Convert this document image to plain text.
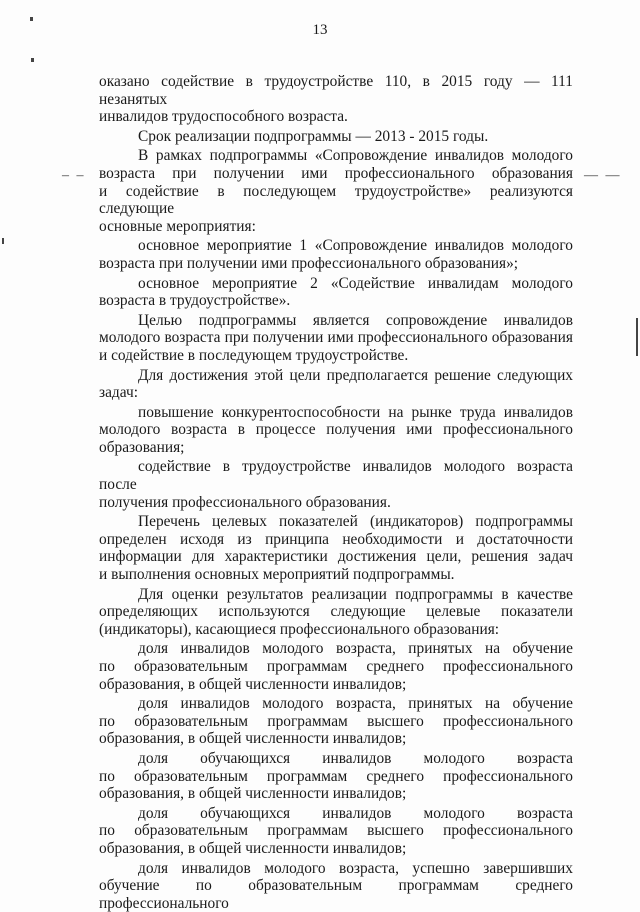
13
– –	— —
оказано содействие в трудоустройстве 110, в 2015 году — 111 незанятых
инвалидов трудоспособного возраста.
Срок реализации подпрограммы — 2013 - 2015 годы.
В рамках подпрограммы «Сопровождение инвалидов молодого
возраста при получении ими профессионального образования
и содействие в последующем трудоустройстве» реализуются следующие
основные мероприятия:
основное мероприятие 1 «Сопровождение инвалидов молодого
возраста при получении ими профессионального образования»;
основное мероприятие 2 «Содействие инвалидам молодого
возраста в трудоустройстве».
Целью подпрограммы является сопровождение инвалидов
молодого возраста при получении ими профессионального образования
и содействие в последующем трудоустройстве.
Для достижения этой цели предполагается решение следующих
задач:
повышение конкурентоспособности на рынке труда инвалидов
молодого возраста в процессе получения ими профессионального
образования;
содействие в трудоустройстве инвалидов молодого возраста после
получения профессионального образования.
Перечень целевых показателей (индикаторов) подпрограммы
определен исходя из принципа необходимости и достаточности
информации для характеристики достижения цели, решения задач
и выполнения основных мероприятий подпрограммы.
Для оценки результатов реализации подпрограммы в качестве
определяющих используются следующие целевые показатели
(индикаторы), касающиеся профессионального образования:
доля инвалидов молодого возраста, принятых на обучение
по образовательным программам среднего профессионального
образования, в общей численности инвалидов;
доля инвалидов молодого возраста, принятых на обучение
по образовательным программам высшего профессионального
образования, в общей численности инвалидов;
доля обучающихся инвалидов молодого возраста
по образовательным программам среднего профессионального
образования, в общей численности инвалидов;
доля обучающихся инвалидов молодого возраста
по образовательным программам высшего профессионального
образования, в общей численности инвалидов;
доля инвалидов молодого возраста, успешно завершивших
обучение по образовательным программам среднего профессионального
